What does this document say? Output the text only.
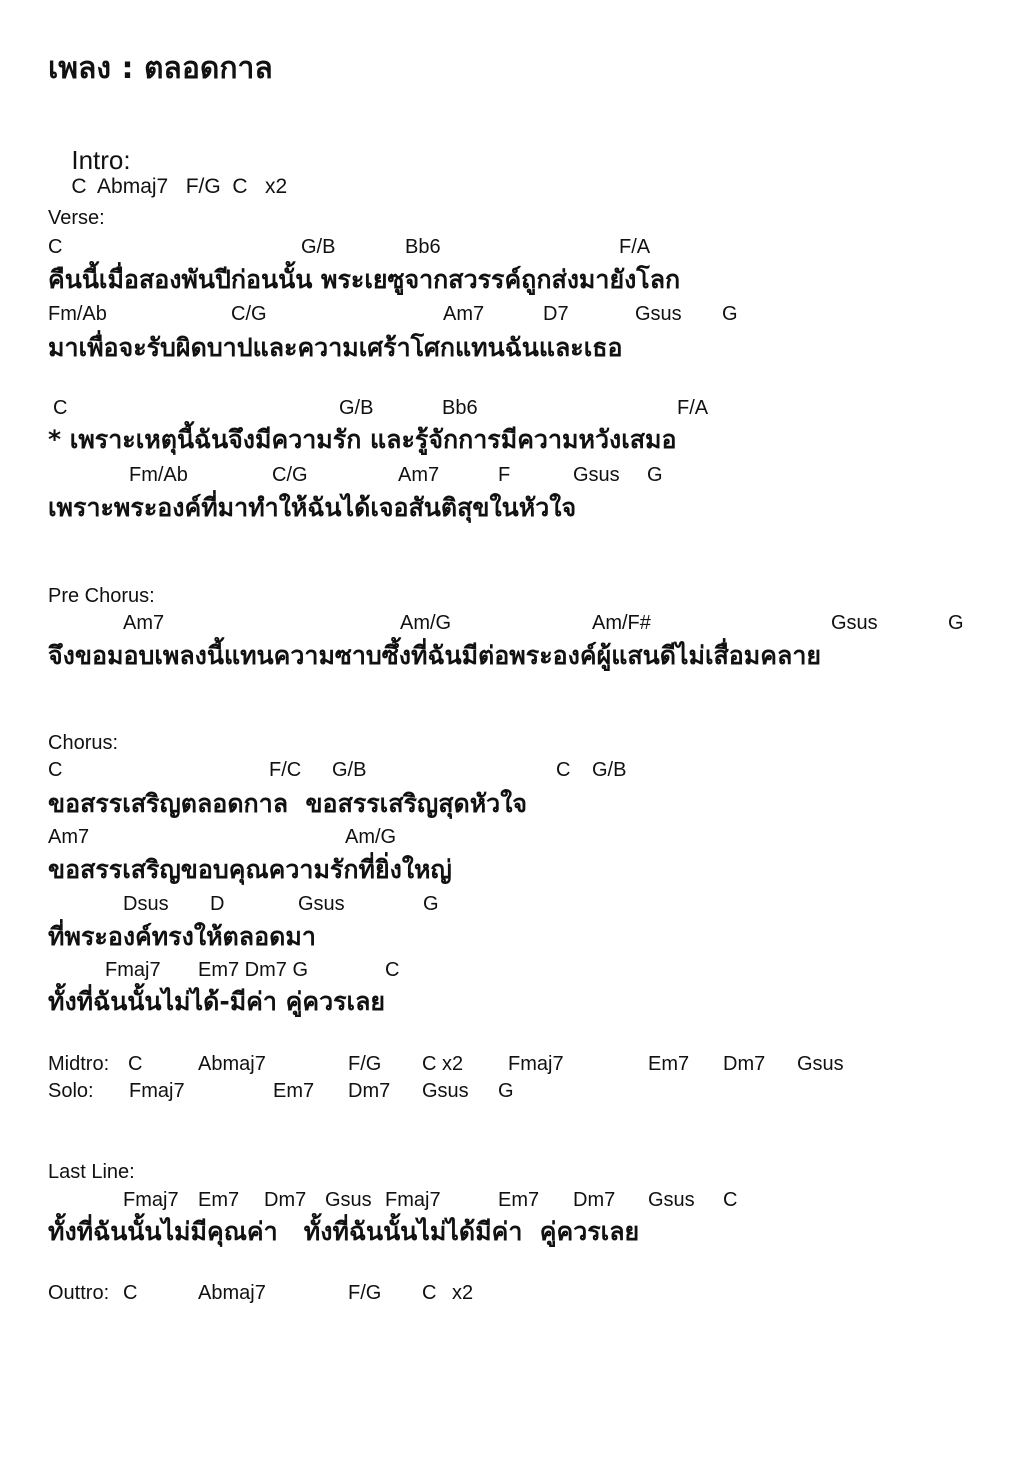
เพลง : ตลอดกาล

Intro:
C  Abmaj7   F/G  C   x2

Verse:

C

	G/B

	Bb6

	F/A

คืนนี้เมื่อสองพันปีก่อนนั้น พระเยซูจากสวรรค์ถูกส่งมายังโลก

Fm/Ab

	C/G

	Am7

	D7

	Gsus

G

มาเพื่อจะรับผิดบาปและความเศร้าโศกแทนฉันและเธอ

C

	G/B

	Bb6

	F/A

* เพราะเหตุนี้ฉันจึงมีความรัก และรู้จักการมีความหวังเสมอ

Fm/Ab

	C/G

	Am7

	F

	Gsus

G

เพราะพระองค์ที่มาทำให้ฉันได้เจอสันติสุขในหัวใจ
Pre Chorus:

Am7

	Am/G

	Am/F#

	Gsus

	G

จึงขอมอบเพลงนี้แทนความซาบซึ้งที่ฉันมีต่อพระองค์ผู้แสนดีไม่เสื่อมคลาย
Chorus:

C

	F/C

G/B

	C

G/B

ขอสรรเสริญตลอดกาล  ขอสรรเสริญสุดหัวใจ

Am7

	Am/G

ขอสรรเสริญขอบคุณความรักที่ยิ่งใหญ่

Dsus

D

	Gsus

	G

ที่พระองค์ทรงให้ตลอดมา

Fmaj7

Em7 Dm7 G

	C

ทั้งที่ฉันนั้นไม่ได้-มีค่า คู่ควรเลย

Midtro:

C

	Abmaj7

	F/G

C x2

Fmaj7

	Em7

Dm7

Gsus

Solo:

Fmaj7

	Em7

Dm7

Gsus

G

Last Line:

Fmaj7

Em7

Dm7

Gsus

Fmaj7

	Em7

Dm7

Gsus

C

ทั้งที่ฉันนั้นไม่มีคุณค่า   ทั้งที่ฉันนั้นไม่ได้มีค่า  คู่ควรเลย

Outtro:

C

	Abmaj7

	F/G

C

x2
